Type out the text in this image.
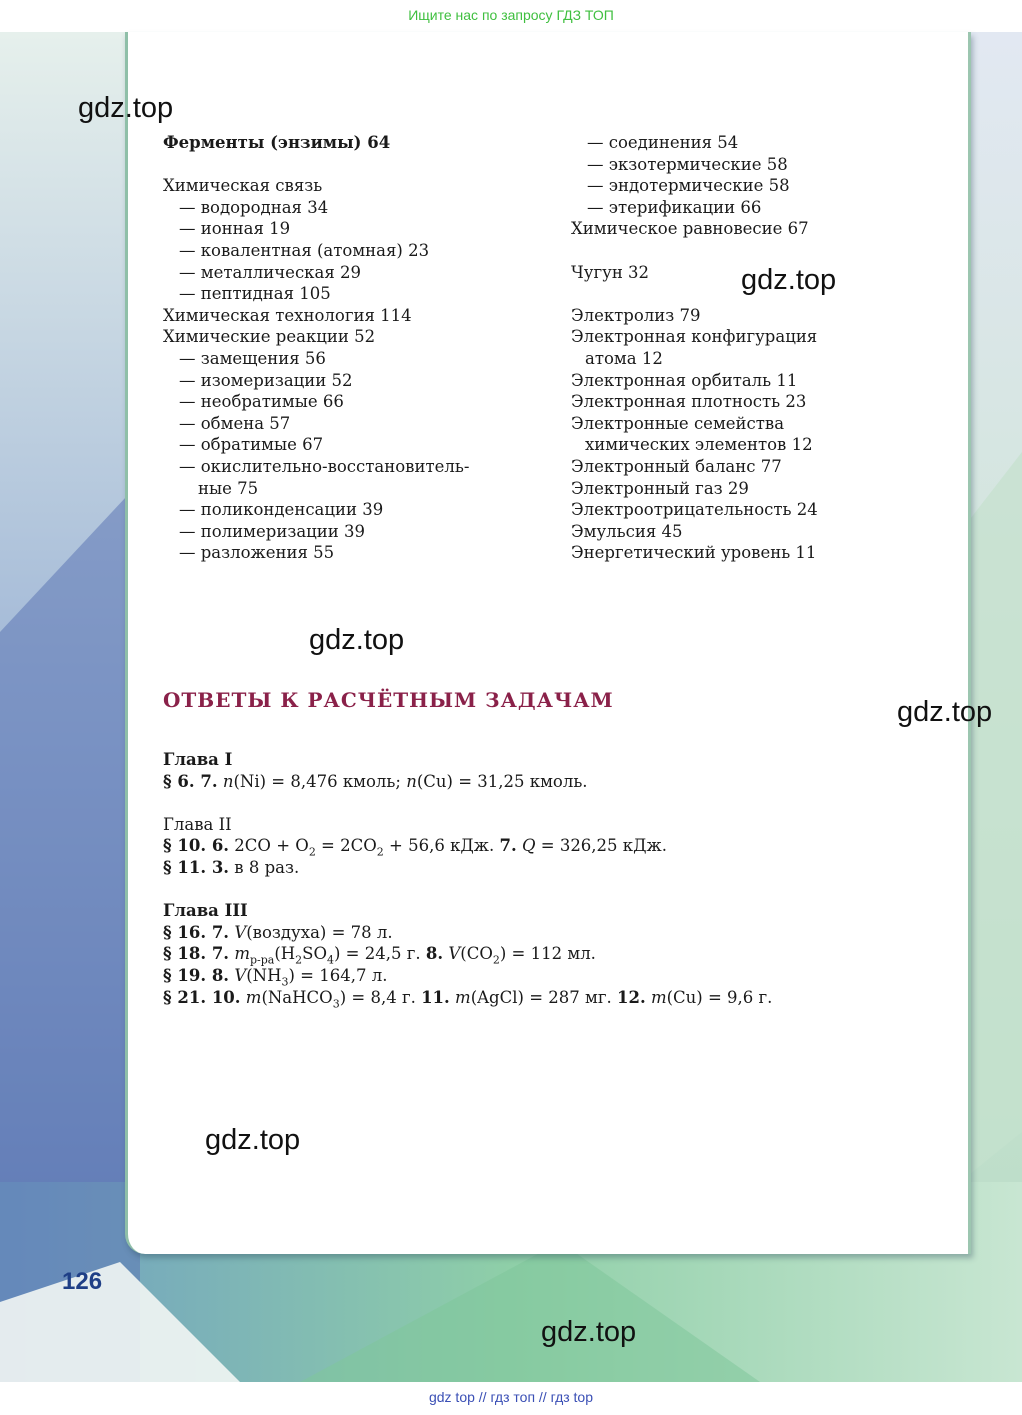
Ищите нас по запросу ГДЗ ТОП
Ферменты (энзимы) 64
Химическая связь
— водородная 34
— ионная 19
— ковалентная (атомная) 23
— металлическая 29
— пептидная 105
Химическая технология 114
Химические реакции 52
— замещения 56
— изомеризации 52
— необратимые 66
— обмена 57
— обратимые 67
— окислительно-восстановитель-
ные 75
— поликонденсации 39
— полимеризации 39
— разложения 55
— соединения 54
— экзотермические 58
— эндотермические 58
— этерификации 66
Химическое равновесие 67
Чугун 32
Электролиз 79
Электронная конфигурация
атома 12
Электронная орбиталь 11
Электронная плотность 23
Электронные семейства
химических элементов 12
Электронный баланс 77
Электронный газ 29
Электроотрицательность 24
Эмульсия 45
Энергетический уровень 11
ОТВЕТЫ К РАСЧЁТНЫМ ЗАДАЧАМ
Глава I
§ 6. 7. n(Ni) = 8,476 кмоль; n(Cu) = 31,25 кмоль.
Глава II
§ 10. 6. $2CO + O_2 = 2CO_2 + 56,6$ кДж. 7. Q = 326,25 кДж.
§ 11. 3. в 8 раз.
Глава III
§ 16. 7. V(воздуха) = 78 л.
§ 18. 7. $m_{р-ра}(H_2SO_4) = 24,5$ г. 8. $V(CO_2) = 112$ мл.
§ 19. 8. $V(NH_3) = 164,7$ л.
§ 21. 10. m(NaHCO$_3$) = 8,4 г. 11. m(AgCl) = 287 мг. 12. m(Cu) = 9,6 г.
126
gdz.top
gdz.top
gdz.top
gdz.top
gdz.top
gdz.top
gdz top // гдз топ // гдз top
